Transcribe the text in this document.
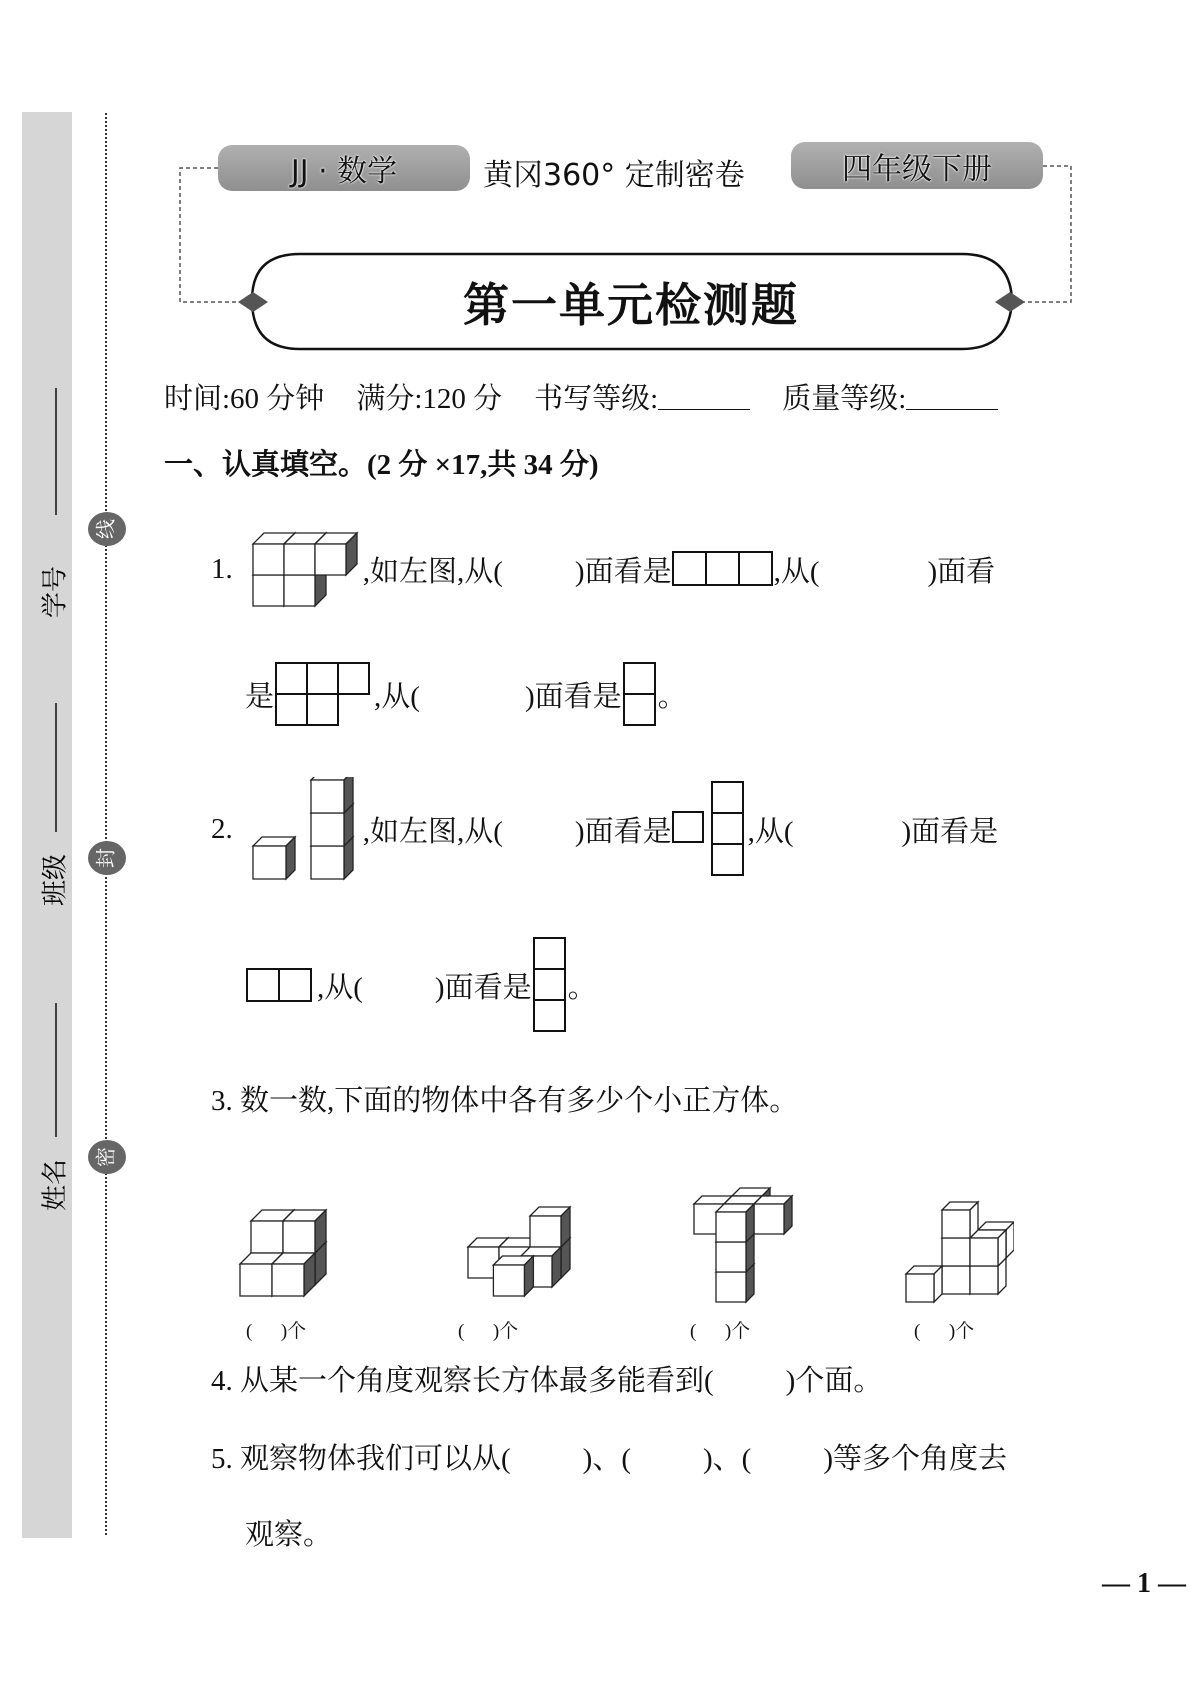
学号
班级
姓名
线
封
密
JJ · 数学	黄冈360° 定制密卷	四年级下册
第一单元检测题
时间:60 分钟 满分:120 分 书写等级:	质量等级:
一、认真填空。(2 分 ×17,共 34 分)
1.	,如左图,从( )面看是	,从(	)面看
是	,从(	)面看是 。
2.	,如左图,从( )面看是	,从(	)面看是
,从( )面看是 。
3. 数一数,下面的物体中各有多少个小正方体。
(      )个	(      )个	(      )个	(      )个
4. 从某一个角度观察长方体最多能看到( )个面。
5. 观察物体我们可以从( )、( )、( )等多个角度去
观察。
— 1 —
